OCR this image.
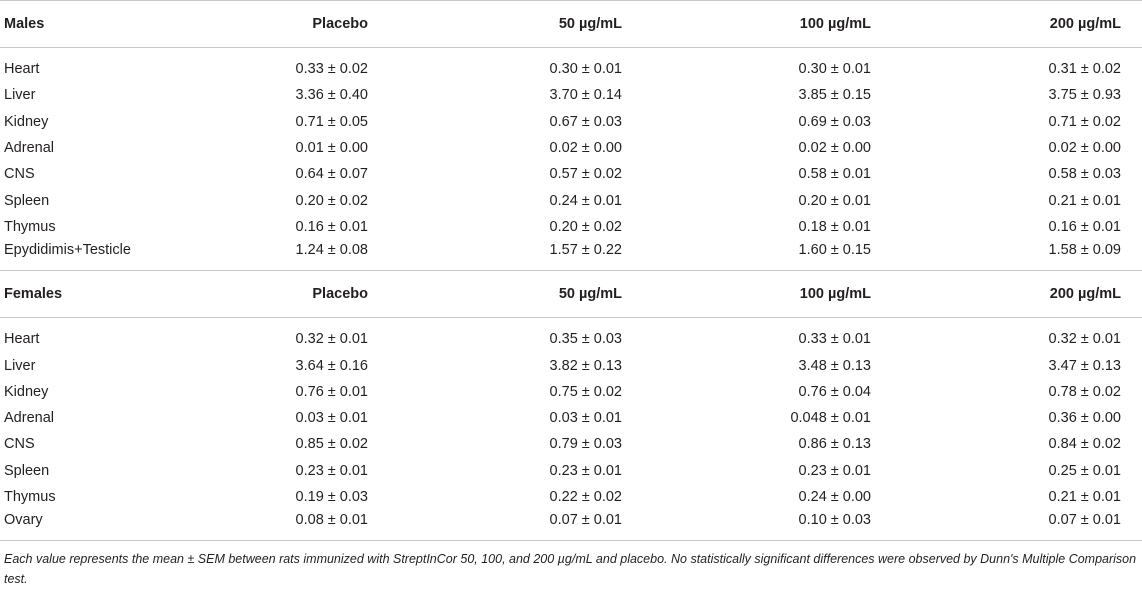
Males	Placebo	50 µg/mL	100 µg/mL	200 µg/mL

Heart	0.33 ± 0.02	0.30 ± 0.01	0.30 ± 0.01	0.31 ± 0.02
Liver	3.36 ± 0.40	3.70 ± 0.14	3.85 ± 0.15	3.75 ± 0.93
Kidney	0.71 ± 0.05	0.67 ± 0.03	0.69 ± 0.03	0.71 ± 0.02
Adrenal	0.01 ± 0.00	0.02 ± 0.00	0.02 ± 0.00	0.02 ± 0.00
CNS	0.64 ± 0.07	0.57 ± 0.02	0.58 ± 0.01	0.58 ± 0.03
Spleen	0.20 ± 0.02	0.24 ± 0.01	0.20 ± 0.01	0.21 ± 0.01
Thymus	0.16 ± 0.01	0.20 ± 0.02	0.18 ± 0.01	0.16 ± 0.01
Epydidimis+Testicle	1.24 ± 0.08	1.57 ± 0.22	1.60 ± 0.15	1.58 ± 0.09
Females	Placebo	50 µg/mL	100 µg/mL	200 µg/mL

Heart	0.32 ± 0.01	0.35 ± 0.03	0.33 ± 0.01	0.32 ± 0.01
Liver	3.64 ± 0.16	3.82 ± 0.13	3.48 ± 0.13	3.47 ± 0.13
Kidney	0.76 ± 0.01	0.75 ± 0.02	0.76 ± 0.04	0.78 ± 0.02
Adrenal	0.03 ± 0.01	0.03 ± 0.01	0.048 ± 0.01	0.36 ± 0.00
CNS	0.85 ± 0.02	0.79 ± 0.03	0.86 ± 0.13	0.84 ± 0.02
Spleen	0.23 ± 0.01	0.23 ± 0.01	0.23 ± 0.01	0.25 ± 0.01
Thymus	0.19 ± 0.03	0.22 ± 0.02	0.24 ± 0.00	0.21 ± 0.01
Ovary	0.08 ± 0.01	0.07 ± 0.01	0.10 ± 0.03	0.07 ± 0.01
Each value represents the mean ± SEM between rats immunized with StreptInCor 50, 100, and 200 µg/mL and placebo. No statistically significant differences were observed by Dunn's Multiple Comparison test.
